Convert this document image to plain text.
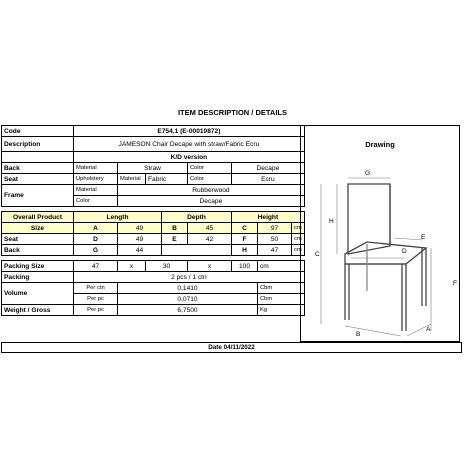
ITEM DESCRIPTION / DETAILS
Code	E754,1 (E-00019872)							
Description	JAMESON Chair Decape with straw/Fabric Ecru							
	K/D version							
Back	Material	Straw			Color	Decape		
Seat	Upholstery	Material	Fabric		Color	Ecru		
Frame	Material	Rubberwood						
	Color	Decape						

Overall Product	Length			Depth		Height		
Size	A	49		B	45	C	97	cm
Seat	D	49		E	42	F	50	cm
Back	G	44				H	47	cm

Packing Size	47	x	30		x	100	cm	
Packing	2 pcs / 1 ctn							
Volume	Per ctn	0,1410					Cbm	
	Per pc	0,0710					Cbm	
Weight / Gross	Per pc	6,7500					Kg	
Drawing
G
H
C
E
D
F
B
A
Date 04/11/2022
